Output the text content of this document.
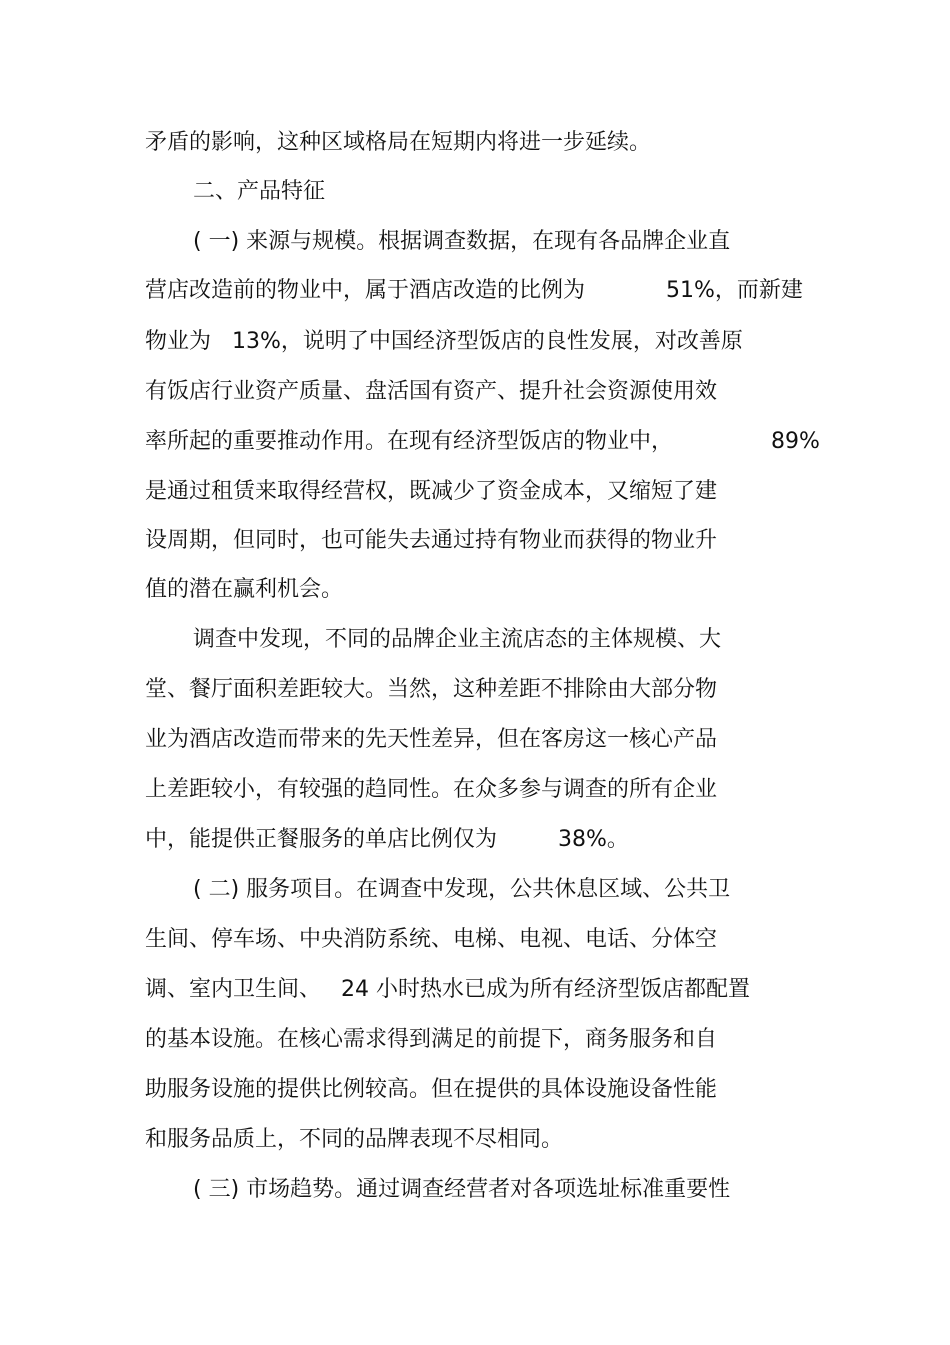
矛盾的影响，这种区域格局在短期内将进一步延续。
二、产品特征
( 一) 来源与规模。根据调查数据，在现有各品牌企业直
营店改造前的物业中，属于酒店改造的比例为	51%，而新建
物业为 13%，说明了中国经济型饭店的良性发展，对改善原
有饭店行业资产质量、盘活国有资产、提升社会资源使用效
率所起的重要推动作用。在现有经济型饭店的物业中，	89%
是通过租赁来取得经营权，既减少了资金成本，又缩短了建
设周期，但同时，也可能失去通过持有物业而获得的物业升
值的潜在赢利机会。
调查中发现，不同的品牌企业主流店态的主体规模、大
堂、餐厅面积差距较大。当然，这种差距不排除由大部分物
业为酒店改造而带来的先天性差异，但在客房这一核心产品
上差距较小，有较强的趋同性。在众多参与调查的所有企业
中，能提供正餐服务的单店比例仅为	38%。
( 二) 服务项目。在调查中发现，公共休息区域、公共卫
生间、停车场、中央消防系统、电梯、电视、电话、分体空
调、室内卫生间、 24 小时热水已成为所有经济型饭店都配置
的基本设施。在核心需求得到满足的前提下，商务服务和自
助服务设施的提供比例较高。但在提供的具体设施设备性能
和服务品质上，不同的品牌表现不尽相同。
( 三) 市场趋势。通过调查经营者对各项选址标准重要性
